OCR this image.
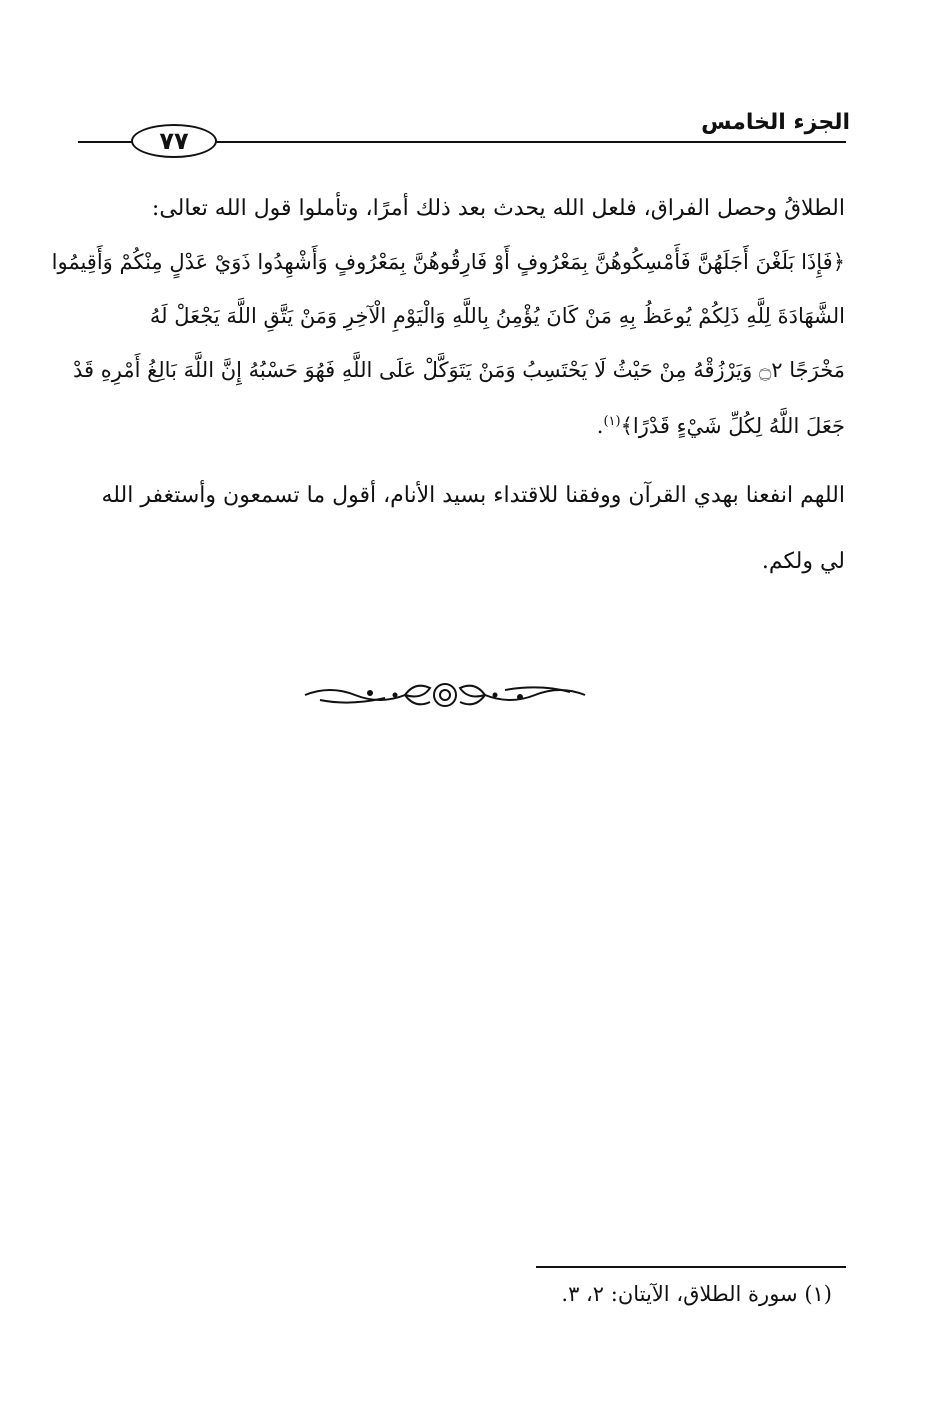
الجزء الخامس
٧٧
الطلاقُ وحصل الفراق، فلعل الله يحدث بعد ذلك أمرًا، وتأملوا قول الله تعالى:
﴿فَإِذَا بَلَغْنَ أَجَلَهُنَّ فَأَمْسِكُوهُنَّ بِمَعْرُوفٍ أَوْ فَارِقُوهُنَّ بِمَعْرُوفٍ وَأَشْهِدُوا ذَوَيْ عَدْلٍ مِنْكُمْ وَأَقِيمُوا
الشَّهَادَةَ لِلَّهِ ذَلِكُمْ يُوعَظُ بِهِ مَنْ كَانَ يُؤْمِنُ بِاللَّهِ وَالْيَوْمِ الْآخِرِ وَمَنْ يَتَّقِ اللَّهَ يَجْعَلْ لَهُ
مَخْرَجًا ۝٢ وَيَرْزُقْهُ مِنْ حَيْثُ لَا يَحْتَسِبُ وَمَنْ يَتَوَكَّلْ عَلَى اللَّهِ فَهُوَ حَسْبُهُ إِنَّ اللَّهَ بَالِغُ أَمْرِهِ قَدْ
جَعَلَ اللَّهُ لِكُلِّ شَيْءٍ قَدْرًا﴾$^{(١)}$.
اللهم انفعنا بهدي القرآن ووفقنا للاقتداء بسيد الأنام، أقول ما تسمعون وأستغفر الله
لي ولكم.
(١) سورة الطلاق، الآيتان: ٢، ٣.
